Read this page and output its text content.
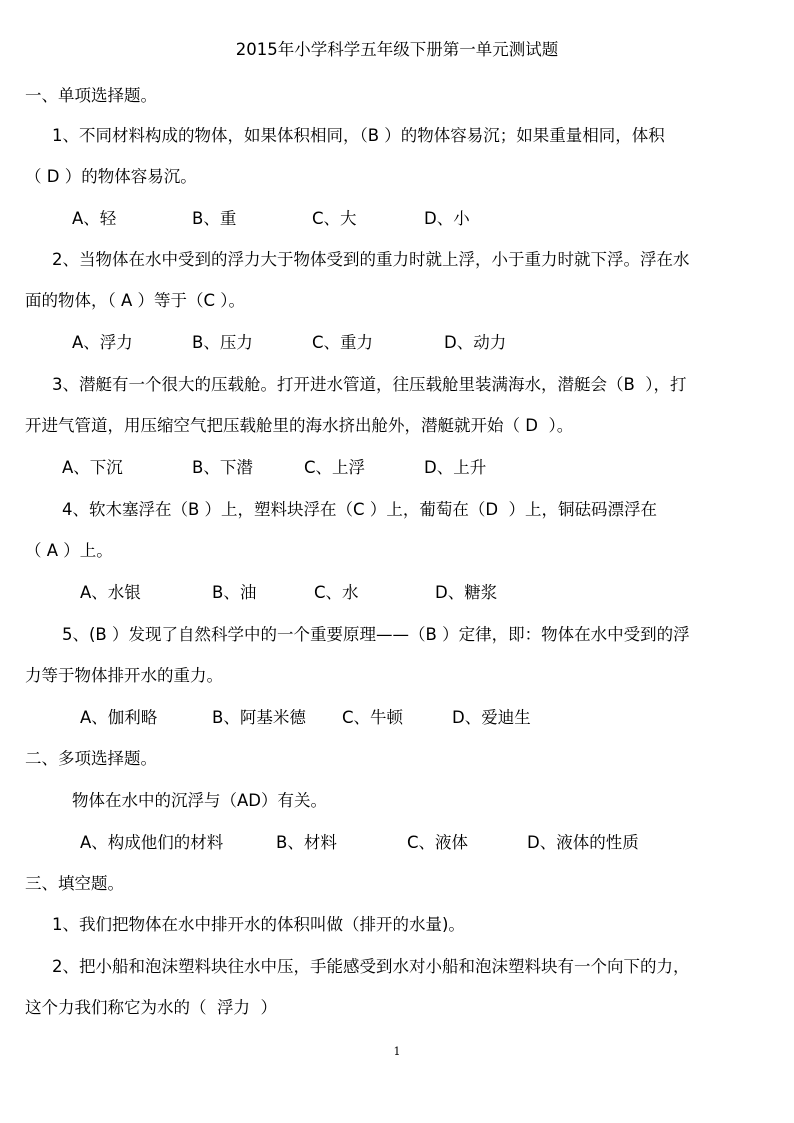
2015年小学科学五年级下册第一单元测试题
一、单项选择题。
1、不同材料构成的物体，如果体积相同，（B ）的物体容易沉；如果重量相同，体积
（ D ）的物体容易沉。
A、轻	B、重	C、大	D、小
2、当物体在水中受到的浮力大于物体受到的重力时就上浮，小于重力时就下浮。浮在水
面的物体，（ A ）等于（C ）。
A、浮力	B、压力	C、重力	D、动力
3、潜艇有一个很大的压载舱。打开进水管道，往压载舱里装满海水，潜艇会（B  ），打
开进气管道，用压缩空气把压载舱里的海水挤出舱外，潜艇就开始（ D  ）。
A、下沉	B、下潜	C、上浮	D、上升
4、软木塞浮在（B ）上，塑料块浮在（C ）上，葡萄在（D  ）上，铜砝码漂浮在
（ A ）上。
A、水银	B、油	C、水	D、糖浆
5、(B ）发现了自然科学中的一个重要原理——（B ）定律，即：物体在水中受到的浮
力等于物体排开水的重力。
A、伽利略	B、阿基米德 C、牛顿	D、爱迪生
二、多项选择题。
物体在水中的沉浮与（AD）有关。
A、构成他们的材料	B、材料	C、液体	D、液体的性质
三、填空题。
1、我们把物体在水中排开水的体积叫做（排开的水量)。
2、把小船和泡沫塑料块往水中压，手能感受到水对小船和泡沫塑料块有一个向下的力，
这个力我们称它为水的（  浮力  ）
1
